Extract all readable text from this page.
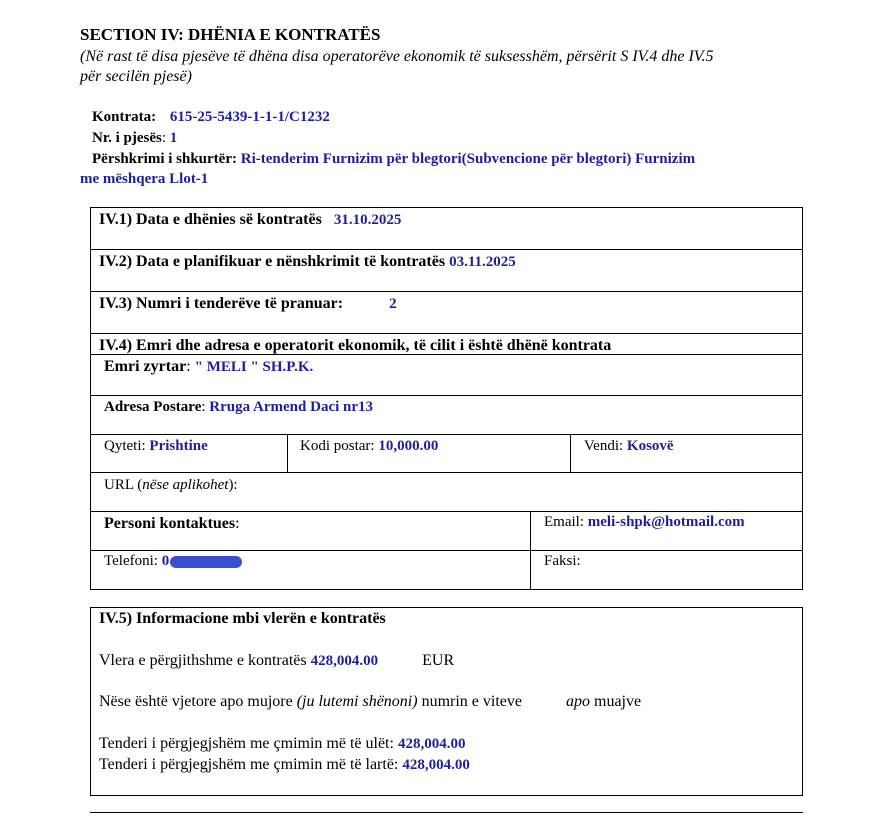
SECTION IV: DHËNIA E KONTRATËS
(Në rast të disa pjesëve të dhëna disa operatorëve ekonomik të suksesshëm, përsërit S IV.4 dhe IV.5
për secilën pjesë)
Kontrata: 615-25-5439-1-1-1/C1232
Nr. i pjesës: 1
Përshkrimi i shkurtër: Ri-tenderim Furnizim për blegtori(Subvencione për blegtori) Furnizim
me mëshqera Llot-1
IV.1) Data e dhënies së kontratës 31.10.2025
IV.2) Data e planifikuar e nënshkrimit të kontratës 03.11.2025
IV.3) Numri i tenderëve të pranuar:	2
IV.4) Emri dhe adresa e operatorit ekonomik, të cilit i është dhënë kontrata
Emri zyrtar: " MELI " SH.P.K.
Adresa Postare: Rruga Armend Daci nr13
Qyteti: Prishtine	Kodi postar: 10,000.00	Vendi: Kosovë
URL (nëse aplikohet):
Personi kontaktues:	Email: meli-shpk@hotmail.com
Telefoni: 0	Faksi:
IV.5) Informacione mbi vlerën e kontratës
Vlera e përgjithshme e kontratës 428,004.00	EUR
Nëse është vjetore apo mujore (ju lutemi shënoni) numrin e viteve	apo muajve
Tenderi i përgjegjshëm me çmimin më të ulët: 428,004.00
Tenderi i përgjegjshëm me çmimin më të lartë: 428,004.00
